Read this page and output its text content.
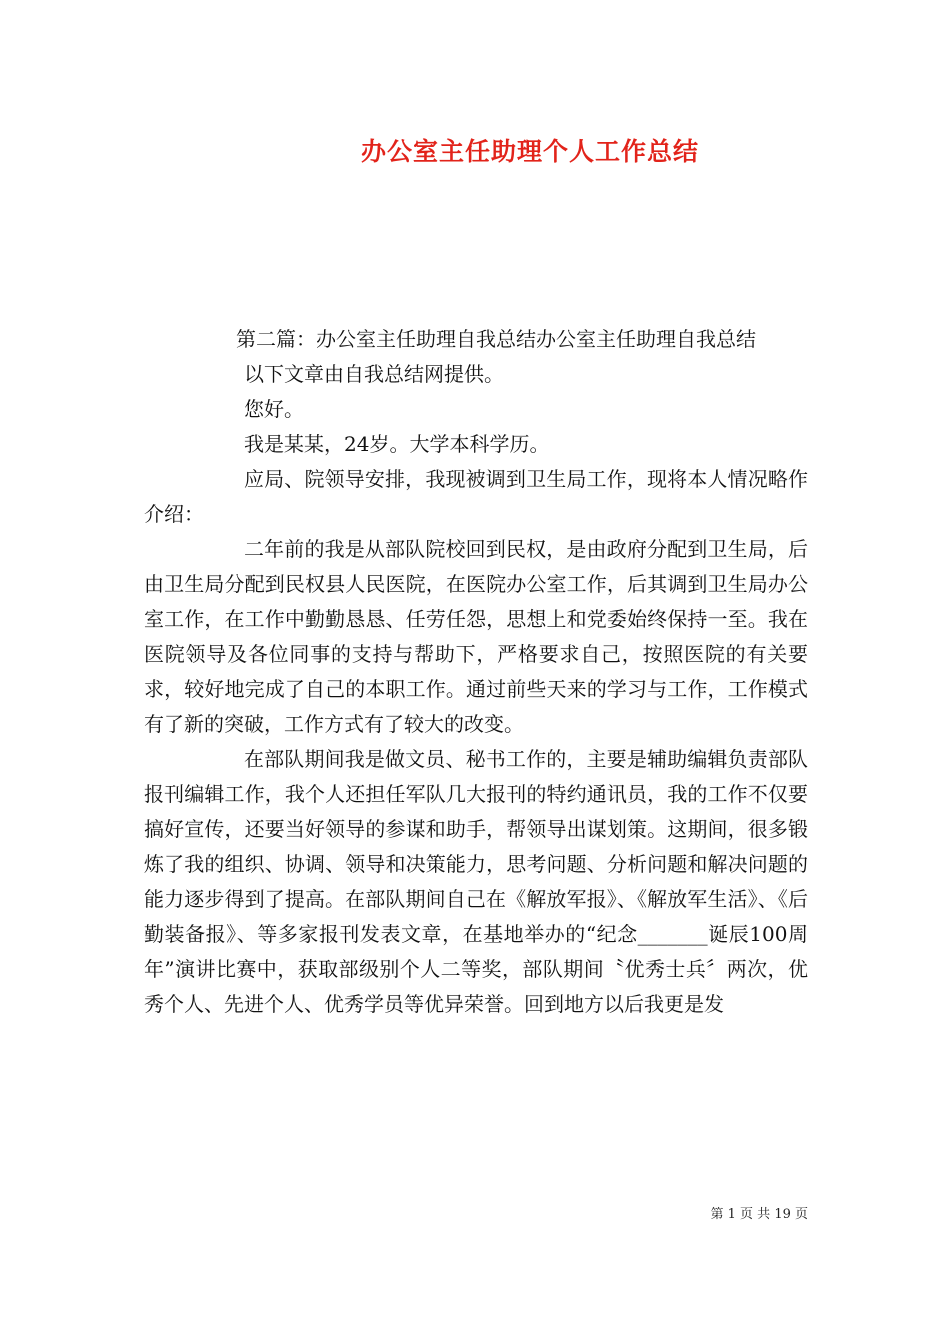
办公室主任助理个人工作总结

第二篇：办公室主任助理自我总结办公室主任助理自我总结

以下文章由自我总结网提供。

您好。

我是某某，24岁。大学本科学历。

应局、院领导安排，我现被调到卫生局工作，现将本人情况略作介绍：

二年前的我是从部队院校回到民权，是由政府分配到卫生局，后由卫生局分配到民权县人民医院，在医院办公室工作，后其调到卫生局办公室工作，在工作中勤勤恳恳、任劳任怨，思想上和党委始终保持一至。我在医院领导及各位同事的支持与帮助下，严格要求自己，按照医院的有关要求，较好地完成了自己的本职工作。通过前些天来的学习与工作，工作模式有了新的突破，工作方式有了较大的改变。

在部队期间我是做文员、秘书工作的，主要是辅助编辑负责部队报刊编辑工作，我个人还担任军队几大报刊的特约通讯员，我的工作不仅要搞好宣传，还要当好领导的参谋和助手，帮领导出谋划策。这期间，很多锻炼了我的组织、协调、领导和决策能力，思考问题、分析问题和解决问题的能力逐步得到了提高。在部队期间自己在《解放军报》、《解放军生活》、《后勤装备报》、等多家报刊发表文章，在基地举办的“纪念_______诞辰100周年”演讲比赛中，获取部级别个人二等奖，部队期间〝优秀士兵〞两次，优秀个人、先进个人、优秀学员等优异荣誉。回到地方以后我更是发

第 1 页 共 19 页
